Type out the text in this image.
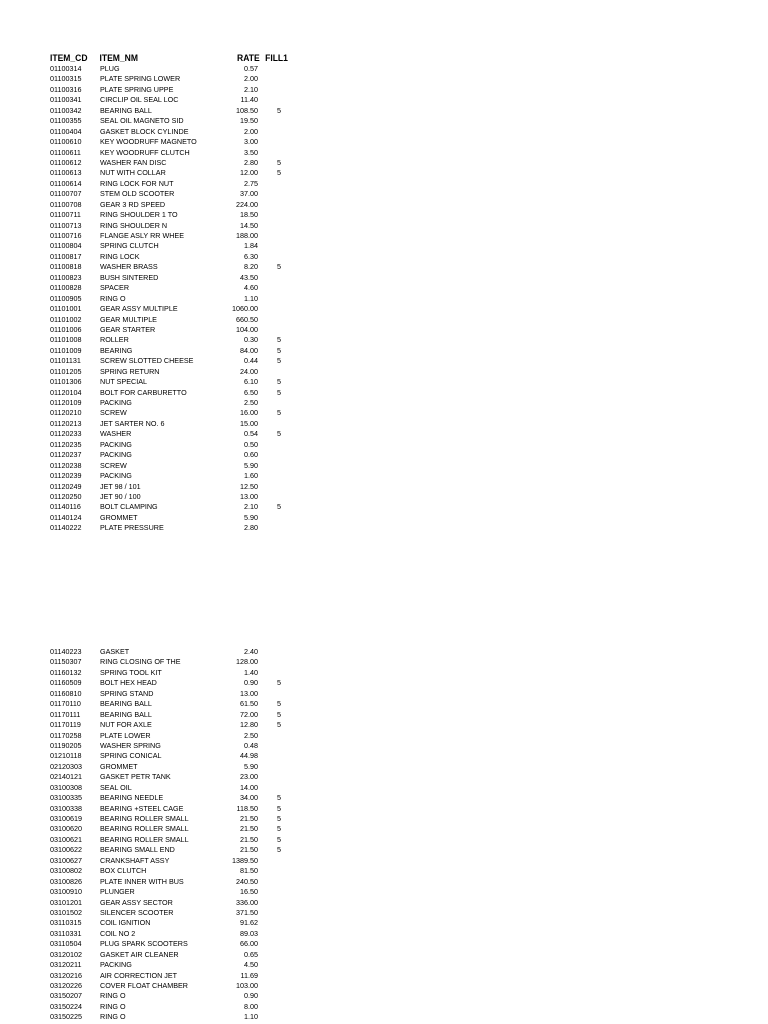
ITEM_CD	ITEM_NM	RATE FILL1
01100314	PLUG	0.57
01100315	PLATE SPRING LOWER	2.00
01100316	PLATE SPRING UPPE	2.10
01100341	CIRCLIP OIL SEAL LOC	11.40
01100342	BEARING BALL	108.50	5
01100355	SEAL OIL MAGNETO SID	19.50
01100404	GASKET BLOCK CYLINDE	2.00
01100610	KEY WOODRUFF MAGNETO	3.00
01100611	KEY WOODRUFF CLUTCH	3.50
01100612	WASHER FAN DISC	2.80	5
01100613	NUT WITH COLLAR	12.00	5
01100614	RING LOCK FOR NUT	2.75
01100707	STEM OLD SCOOTER	37.00
01100708	GEAR 3 RD SPEED	224.00
01100711	RING SHOULDER 1 TO	18.50
01100713	RING SHOULDER N	14.50
01100716	FLANGE ASLY RR WHEE	188.00
01100804	SPRING CLUTCH	1.84
01100817	RING LOCK	6.30
01100818	WASHER BRASS	8.20	5
01100823	BUSH SINTERED	43.50
01100828	SPACER	4.60
01100905	RING O	1.10
01101001	GEAR ASSY MULTIPLE	1060.00
01101002	GEAR MULTIPLE	660.50
01101006	GEAR STARTER	104.00
01101008	ROLLER	0.30	5
01101009	BEARING	84.00	5
01101131	SCREW SLOTTED CHEESE	0.44	5
01101205	SPRING RETURN	24.00
01101306	NUT SPECIAL	6.10	5
01120104	BOLT FOR CARBURETTO	6.50	5
01120109	PACKING	2.50
01120210	SCREW	16.00	5
01120213	JET SARTER NO. 6	15.00
01120233	WASHER	0.54	5
01120235	PACKING	0.50
01120237	PACKING	0.60
01120238	SCREW	5.90
01120239	PACKING	1.60
01120249	JET 98 / 101	12.50
01120250	JET 90 / 100	13.00
01140116	BOLT CLAMPING	2.10	5
01140124	GROMMET	5.90
01140222	PLATE PRESSURE	2.80
01140223	GASKET	2.40
01150307	RING CLOSING OF THE	128.00
01160132	SPRING TOOL KIT	1.40
01160509	BOLT HEX HEAD	0.90	5
01160810	SPRING STAND	13.00
01170110	BEARING BALL	61.50	5
01170111	BEARING BALL	72.00	5
01170119	NUT FOR AXLE	12.80	5
01170258	PLATE LOWER	2.50
01190205	WASHER SPRING	0.48
01210118	SPRING CONICAL	44.98
02120303	GROMMET	5.90
02140121	GASKET PETR TANK	23.00
03100308	SEAL OIL	14.00
03100335	BEARING NEEDLE	34.00	5
03100338	BEARING +STEEL CAGE	118.50	5
03100619	BEARING ROLLER SMALL	21.50	5
03100620	BEARING ROLLER SMALL	21.50	5
03100621	BEARING ROLLER SMALL	21.50	5
03100622	BEARING SMALL END	21.50	5
03100627	CRANKSHAFT ASSY	1389.50
03100802	BOX CLUTCH	81.50
03100826	PLATE INNER WITH BUS	240.50
03100910	PLUNGER	16.50
03101201	GEAR ASSY SECTOR	336.00
03101502	SILENCER SCOOTER	371.50
03110315	COIL IGNITION	91.62
03110331	COIL NO 2	89.03
03110504	PLUG SPARK SCOOTERS	66.00
03120102	GASKET AIR CLEANER	0.65
03120211	PACKING	4.50
03120216	AIR CORRECTION JET	11.69
03120226	COVER FLOAT CHAMBER	103.00
03150207	RING O	0.90
03150224	RING O	8.00
03150225	RING O	1.10
